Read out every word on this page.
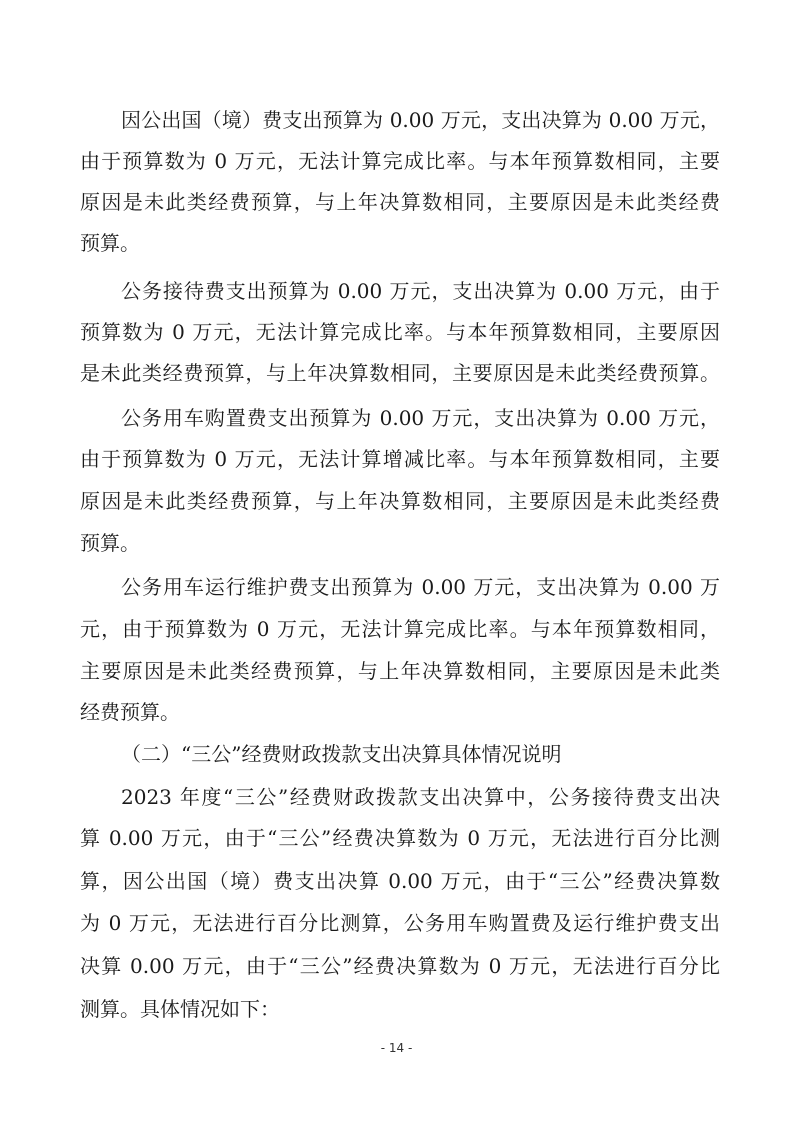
因公出国（境）费支出预算为 0.00 万元，支出决算为 0.00 万元，
由于预算数为 0 万元，无法计算完成比率。与本年预算数相同，主要
原因是未此类经费预算，与上年决算数相同，主要原因是未此类经费
预算。
公务接待费支出预算为 0.00 万元，支出决算为 0.00 万元，由于
预算数为 0 万元，无法计算完成比率。与本年预算数相同，主要原因
是未此类经费预算，与上年决算数相同，主要原因是未此类经费预算。
公务用车购置费支出预算为 0.00 万元，支出决算为 0.00 万元，
由于预算数为 0 万元，无法计算增减比率。与本年预算数相同，主要
原因是未此类经费预算，与上年决算数相同，主要原因是未此类经费
预算。
公务用车运行维护费支出预算为 0.00 万元，支出决算为 0.00 万
元，由于预算数为 0 万元，无法计算完成比率。与本年预算数相同，
主要原因是未此类经费预算，与上年决算数相同，主要原因是未此类
经费预算。
（二）“三公”经费财政拨款支出决算具体情况说明
2023 年度“三公”经费财政拨款支出决算中，公务接待费支出决
算 0.00 万元，由于“三公”经费决算数为 0 万元，无法进行百分比测
算，因公出国（境）费支出决算 0.00 万元，由于“三公”经费决算数
为 0 万元，无法进行百分比测算，公务用车购置费及运行维护费支出
决算 0.00 万元，由于“三公”经费决算数为 0 万元，无法进行百分比
测算。具体情况如下：
- 14 -
